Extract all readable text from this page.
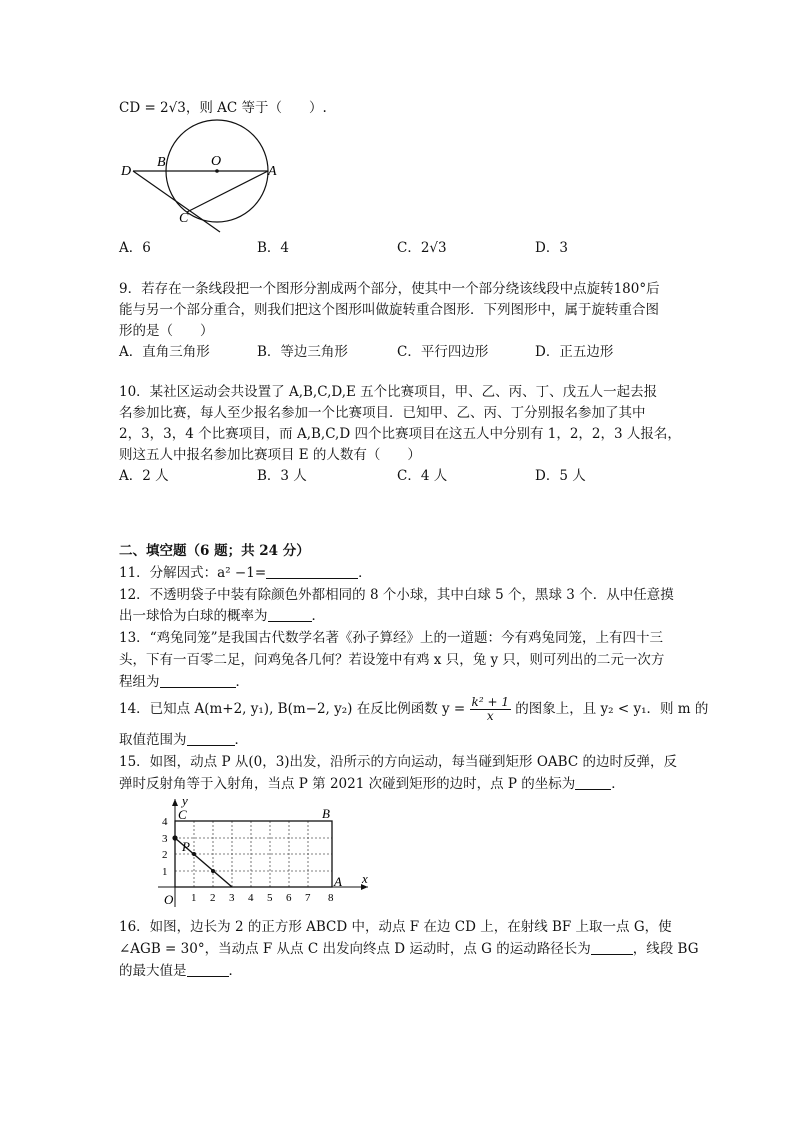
CD = 2√3，则 AC 等于（　　）.
D
B	O
A
C
A．6	B．4	C．2√3	D．3
9．若存在一条线段把一个图形分割成两个部分，使其中一个部分绕该线段中点旋转180°后
能与另一个部分重合，则我们把这个图形叫做旋转重合图形．下列图形中，属于旋转重合图
形的是（　　）
A．直角三角形	B．等边三角形	C．平行四边形	D．正五边形
10．某社区运动会共设置了 A,B,C,D,E 五个比赛项目，甲、乙、丙、丁、戊五人一起去报
名参加比赛，每人至少报名参加一个比赛项目．已知甲、乙、丙、丁分别报名参加了其中
2，3，3，4 个比赛项目，而 A,B,C,D 四个比赛项目在这五人中分别有 1，2，2，3 人报名，
则这五人中报名参加比赛项目 E 的人数有（　　）
A．2 人	B．3 人	C．4 人	D．5 人
二、填空题（6 题；共 24 分）
11．分解因式：a² −1=	．
12．不透明袋子中装有除颜色外都相同的 8 个小球，其中白球 5 个，黑球 3 个．从中任意摸
出一球恰为白球的概率为	．
13．“鸡兔同笼”是我国古代数学名著《孙子算经》上的一道题：今有鸡兔同笼，上有四十三
头，下有一百零二足，问鸡兔各几何？若设笼中有鸡 x 只，兔 y 只，则可列出的二元一次方
程组为	．
14．已知点 A(m+2, y₁), B(m−2, y₂) 在反比例函数 $y = \frac{\text{k² + 1}}{x}$ 的图象上，且 y₂ < y₁．则 m 的
取值范围为	．
15．如图，动点 P 从(0，3)出发，沿所示的方向运动，每当碰到矩形 OABC 的边时反弹，反
弹时反射角等于入射角，当点 P 第 2021 次碰到矩形的边时，点 P 的坐标为	．
1 2 3 4 5 6 7 8
1
2
3
4
O
A
B
C
P
x
y
16．如图，边长为 2 的正方形 ABCD 中，动点 F 在边 CD 上，在射线 BF 上取一点 G，使
∠AGB = 30°，当动点 F 从点 C 出发向终点 D 运动时，点 G 的运动路径长为	，线段 BG
的最大值是	．
